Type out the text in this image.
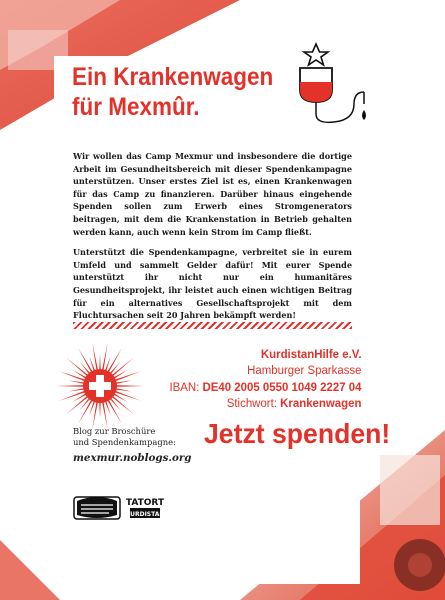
Ein Krankenwagen
für Mexmûr.

Wir wollen das Camp Mexmur und insbesondere die dortige Arbeit im Gesundheitsbereich mit dieser Spendenkampagne unterstützen. Unser erstes Ziel ist es, einen Krankenwagen für das Camp zu finanzieren. Darüber hinaus eingehende Spenden sollen zum Erwerb eines Stromgenerators beitragen, mit dem die Krankenstation in Betrieb gehalten werden kann, auch wenn kein Strom im Camp fließt.

Unterstützt die Spendenkampagne, verbreitet sie in eurem Umfeld und sammelt Gelder dafür! Mit eurer Spende unterstützt ihr nicht nur ein humanitäres Gesundheitsprojekt, ihr leistet auch einen wichtigen Beitrag für ein alternatives Gesellschaftsprojekt mit dem Fluchtursachen seit 20 Jahren bekämpft werden!

KurdistanHilfe e.V.
Hamburger Sparkasse
IBAN: DE40 2005 0550 1049 2227 04
Stichwort: Krankenwagen
Blog zur Broschüre
und Spendenkampagne:
mexmur.noblogs.org
Jetzt spenden!
TATORT
KURDISTAN
